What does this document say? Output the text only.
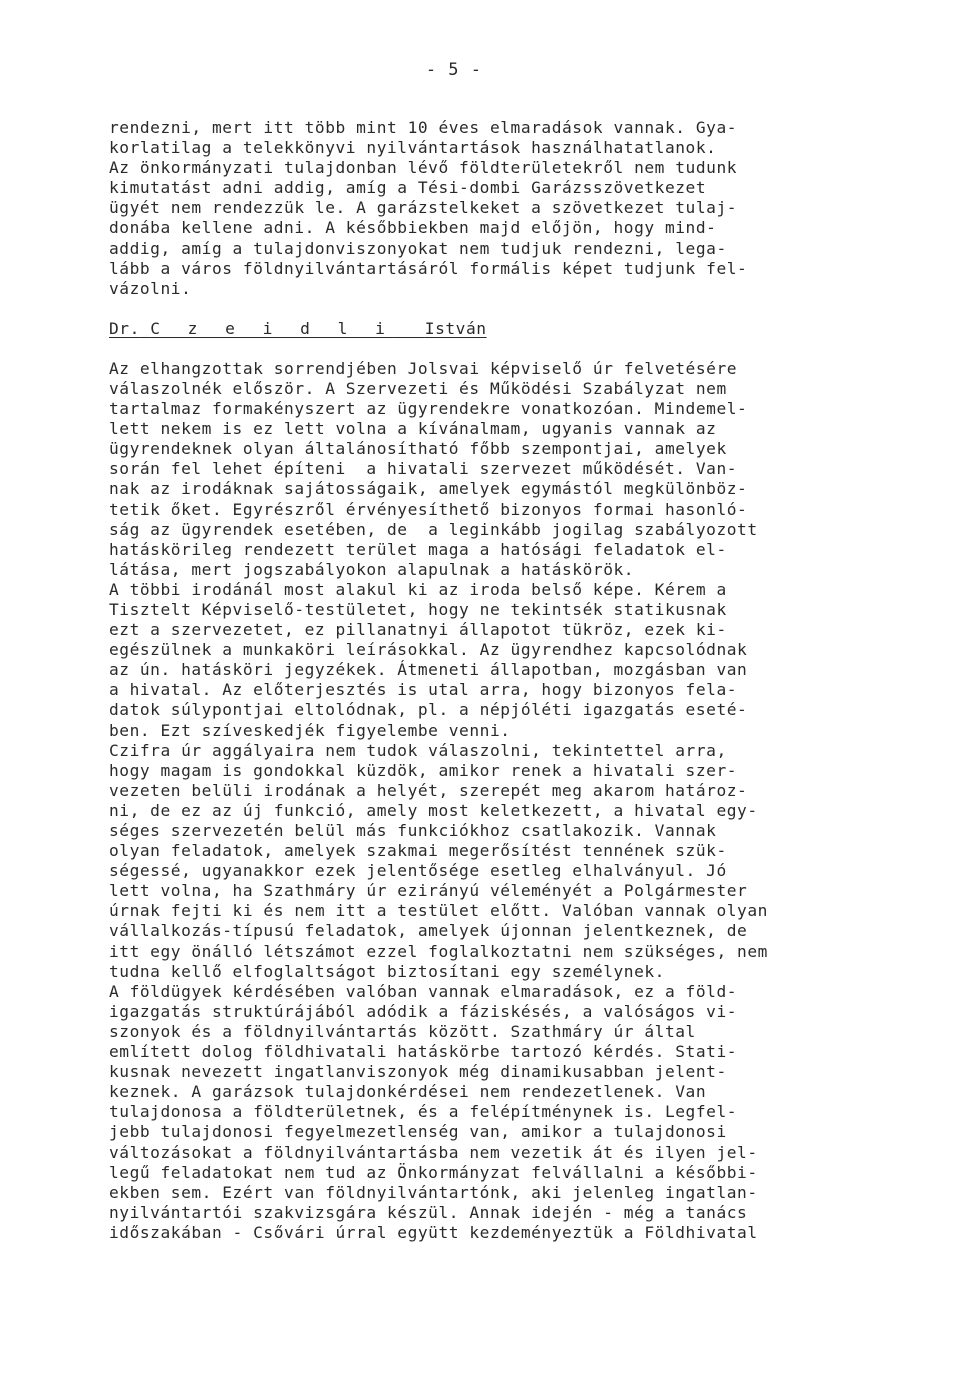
- 5 -
rendezni, mert itt több mint 10 éves elmaradások vannak. Gya-
korlatilag a telekkönyvi nyilvántartások használhatatlanok.
Az önkormányzati tulajdonban lévő földterületekről nem tudunk
kimutatást adni addig, amíg a Tési-dombi Garázsszövetkezet
ügyét nem rendezzük le. A garázstelkeket a szövetkezet tulaj-
donába kellene adni. A későbbiekben majd előjön, hogy mind-
addig, amíg a tulajdonviszonyokat nem tudjuk rendezni, lega-
lább a város földnyilvántartásáról formális képet tudjunk fel-
vázolni.
Dr. C z e i d l i István
Az elhangzottak sorrendjében Jolsvai képviselő úr felvetésére
válaszolnék először. A Szervezeti és Működési Szabályzat nem
tartalmaz formakényszert az ügyrendekre vonatkozóan. Mindemel-
lett nekem is ez lett volna a kívánalmam, ugyanis vannak az
ügyrendeknek olyan általánosítható főbb szempontjai, amelyek
során fel lehet építeni  a hivatali szervezet működését. Van-
nak az irodáknak sajátosságaik, amelyek egymástól megkülönböz-
tetik őket. Egyrészről érvényesíthető bizonyos formai hasonló-
ság az ügyrendek esetében, de  a leginkább jogilag szabályozott
hatáskörileg rendezett terület maga a hatósági feladatok el-
látása, mert jogszabályokon alapulnak a hatáskörök.
A többi irodánál most alakul ki az iroda belső képe. Kérem a
Tisztelt Képviselő-testületet, hogy ne tekintsék statikusnak
ezt a szervezetet, ez pillanatnyi állapotot tükröz, ezek ki-
egészülnek a munkaköri leírásokkal. Az ügyrendhez kapcsolódnak
az ún. hatásköri jegyzékek. Átmeneti állapotban, mozgásban van
a hivatal. Az előterjesztés is utal arra, hogy bizonyos fela-
datok súlypontjai eltolódnak, pl. a népjóléti igazgatás eseté-
ben. Ezt szíveskedjék figyelembe venni.
Czifra úr aggályaira nem tudok válaszolni, tekintettel arra,
hogy magam is gondokkal küzdök, amikor renek a hivatali szer-
vezeten belüli irodának a helyét, szerepét meg akarom határoz-
ni, de ez az új funkció, amely most keletkezett, a hivatal egy-
séges szervezetén belül más funkciókhoz csatlakozik. Vannak
olyan feladatok, amelyek szakmai megerősítést tennének szük-
ségessé, ugyanakkor ezek jelentősége esetleg elhalványul. Jó
lett volna, ha Szathmáry úr ezirányú véleményét a Polgármester
úrnak fejti ki és nem itt a testület előtt. Valóban vannak olyan
vállalkozás-típusú feladatok, amelyek újonnan jelentkeznek, de
itt egy önálló létszámot ezzel foglalkoztatni nem szükséges, nem
tudna kellő elfoglaltságot biztosítani egy személynek.
A földügyek kérdésében valóban vannak elmaradások, ez a föld-
igazgatás struktúrájából adódik a fáziskésés, a valóságos vi-
szonyok és a földnyilvántartás között. Szathmáry úr által
említett dolog földhivatali hatáskörbe tartozó kérdés. Stati-
kusnak nevezett ingatlanviszonyok még dinamikusabban jelent-
keznek. A garázsok tulajdonkérdései nem rendezetlenek. Van
tulajdonosa a földterületnek, és a felépítménynek is. Legfel-
jebb tulajdonosi fegyelmezetlenség van, amikor a tulajdonosi
változásokat a földnyilvántartásba nem vezetik át és ilyen jel-
legű feladatokat nem tud az Önkormányzat felvállalni a későbbi-
ekben sem. Ezért van földnyilvántartónk, aki jelenleg ingatlan-
nyilvántartói szakvizsgára készül. Annak idején - még a tanács
időszakában - Csővári úrral együtt kezdeményeztük a Földhivatal
